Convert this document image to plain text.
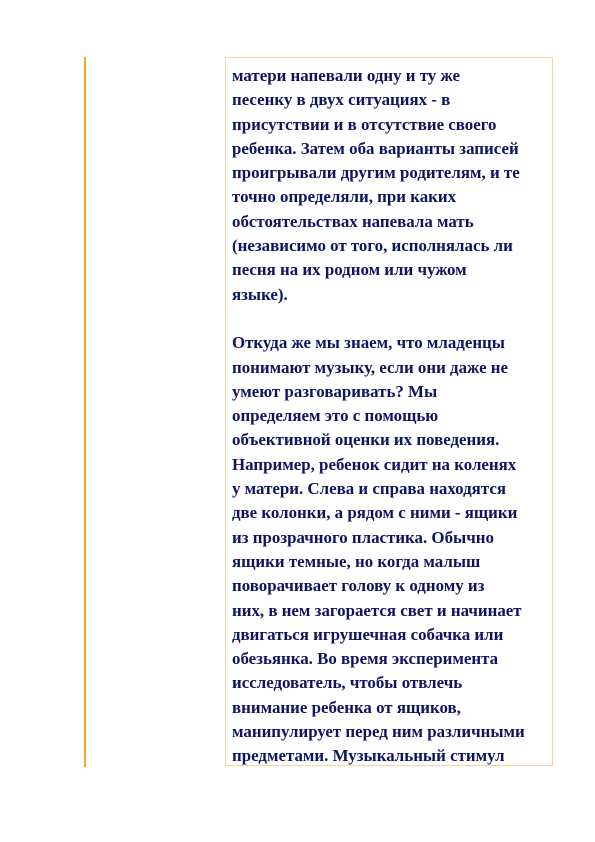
матери напевали одну и ту же
песенку в двух ситуациях - в
присутствии и в отсутствие своего
ребенка. Затем оба варианты записей
проигрывали другим родителям, и те
точно определяли, при каких
обстоятельствах напевала мать
(независимо от того, исполнялась ли
песня на их родном или чужом
языке).

Откуда же мы знаем, что младенцы
понимают музыку, если они даже не
умеют разговаривать? Мы
определяем это с помощью
объективной оценки их поведения.
Например, ребенок сидит на коленях
у матери. Слева и справа находятся
две колонки, а рядом с ними - ящики
из прозрачного пластика. Обычно
ящики темные, но когда малыш
поворачивает голову к одному из
них, в нем загорается свет и начинает
двигаться игрушечная собачка или
обезьянка. Во время эксперимента
исследователь, чтобы отвлечь
внимание ребенка от ящиков,
манипулирует перед ним различными
предметами. Музыкальный стимул
